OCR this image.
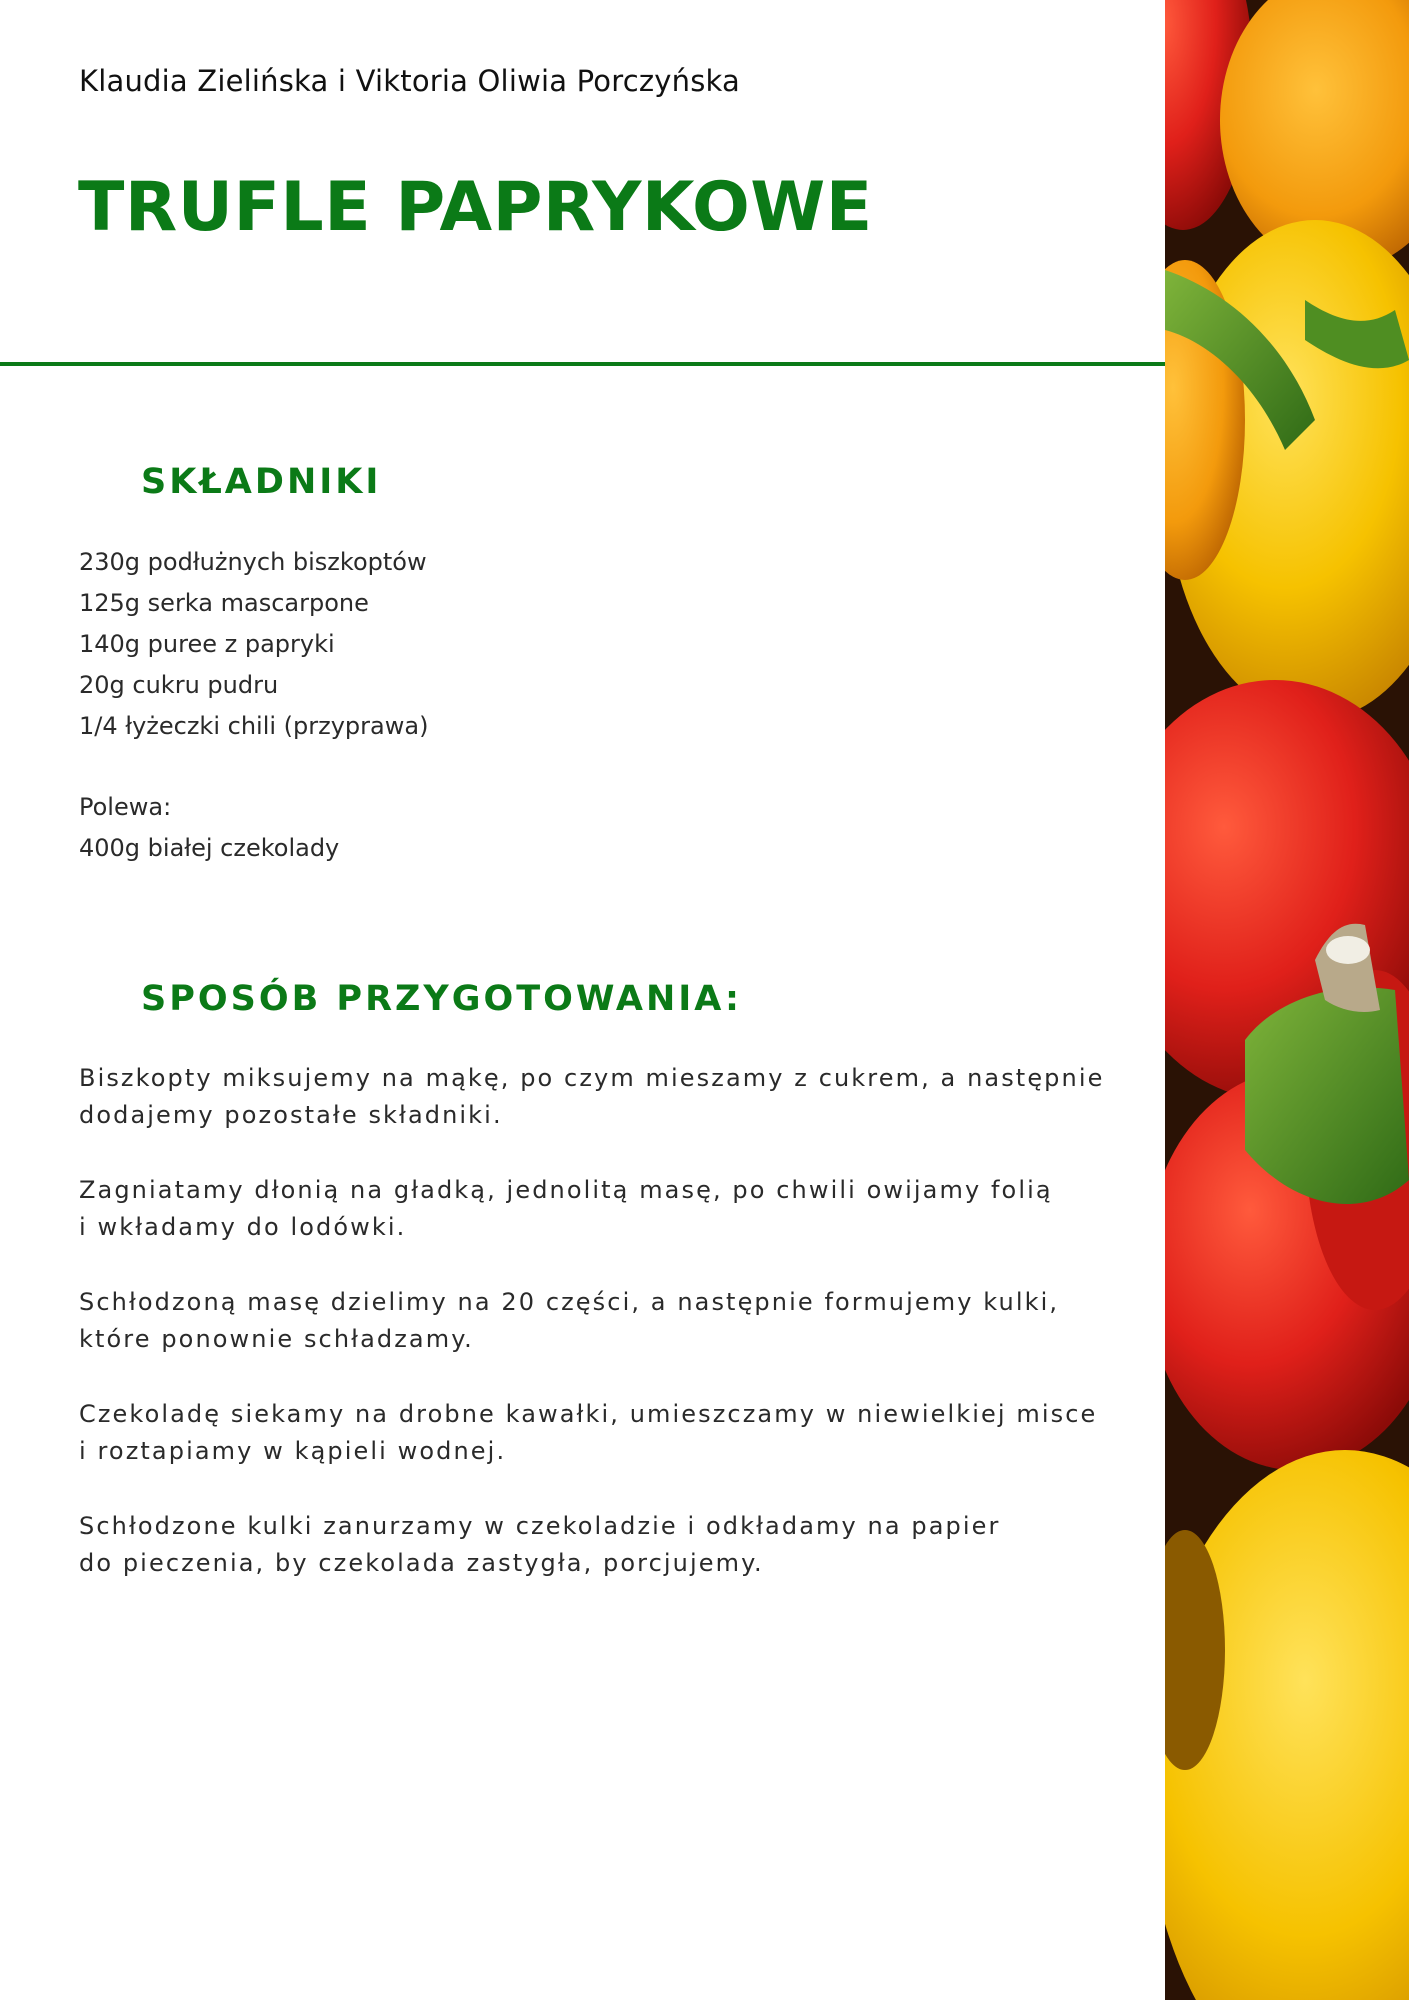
Klaudia Zielińska i Viktoria Oliwia Porczyńska
TRUFLE PAPRYKOWE
SKŁADNIKI
230g podłużnych biszkoptów
125g serka mascarpone
140g puree z papryki
20g cukru pudru
1/4 łyżeczki chili (przyprawa)
Polewa:
400g białej czekolady
SPOSÓB PRZYGOTOWANIA:

Biszkopty miksujemy na mąkę, po czym mieszamy z cukrem, a następnie
dodajemy pozostałe składniki.

Zagniatamy dłonią na gładką, jednolitą masę, po chwili owijamy folią
i wkładamy do lodówki.

Schłodzoną masę dzielimy na 20 części, a następnie formujemy kulki,
które ponownie schładzamy.

Czekoladę siekamy na drobne kawałki, umieszczamy w niewielkiej misce
i roztapiamy w kąpieli wodnej.

Schłodzone kulki zanurzamy w czekoladzie i odkładamy na papier
do pieczenia, by czekolada zastygła, porcjujemy.
